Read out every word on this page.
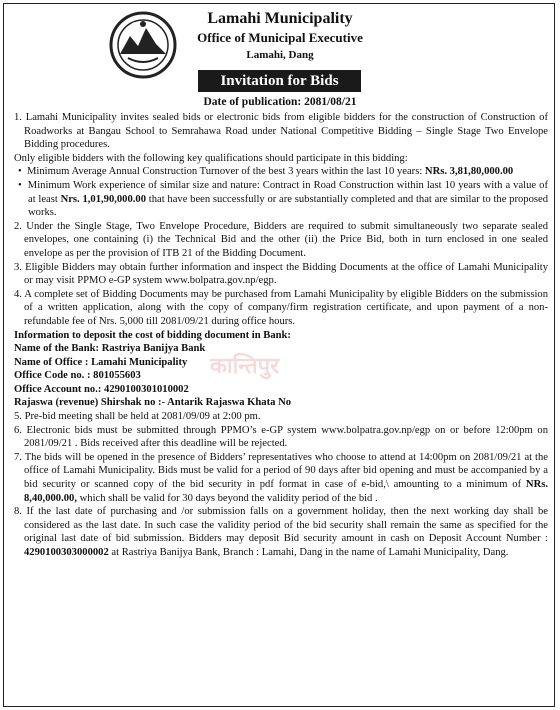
Lamahi Municipality
Office of Municipal Executive
Lamahi, Dang
Invitation for Bids
Date of publication: 2081/08/21
कान्तिपुर

1. Lamahi Municipality invites sealed bids or electronic bids from eligible bidders for the construction of Construction of Roadworks at Bangau School to Semrahawa Road under National Competitive Bidding – Single Stage Two Envelope Bidding procedures.

Only eligible bidders with the following key qualifications should participate in this bidding:

•  Minimum Average Annual Construction Turnover of the best 3 years within the last 10 years: NRs. 3,81,80,000.00

•  Minimum Work experience of similar size and nature: Contract in Road Construction within last 10 years with a value of at least Nrs. 1,01,90,000.00 that have been successfully or are substantially completed and that are similar to the proposed works.

2. Under the Single Stage, Two Envelope Procedure, Bidders are required to submit simultaneously two separate sealed envelopes, one containing (i) the Technical Bid and the other (ii) the Price Bid, both in turn enclosed in one sealed envelope as per the provision of ITB 21 of the Bidding Document.

3. Eligible Bidders may obtain further information and inspect the Bidding Documents at the office of Lamahi Municipality or may visit PPMO e-GP system www.bolpatra.gov.np/egp.

4. A complete set of Bidding Documents may be purchased from Lamahi Municipality by eligible Bidders on the submission of a written application, along with the copy of company/firm registration certificate, and upon payment of a non-refundable fee of Nrs. 5,000 till 2081/09/21 during office hours.

Information to deposit the cost of bidding document in Bank:

Name of the Bank: Rastriya Banijya Bank

Name of Office : Lamahi Municipality

Office Code no. : 801055603

Office Account no.: 4290100301010002

Rajaswa (revenue) Shirshak no :- Antarik Rajaswa Khata No

5. Pre-bid meeting shall be held at 2081/09/09 at 2:00 pm.

6. Electronic bids must be submitted through PPMO’s e-GP system www.bolpatra.gov.np/egp on or before 12:00pm on 2081/09/21 . Bids received after this deadline will be rejected.

7. The bids will be opened in the presence of Bidders’ representatives who choose to attend at 14:00pm on 2081/09/21 at the office of Lamahi Municipality. Bids must be valid for a period of 90 days after bid opening and must be accompanied by a bid security or scanned copy of the bid security in pdf format in case of e-bid,\ amounting to a minimum of NRs. 8,40,000.00, which shall be valid for 30 days beyond the validity period of the bid .

8. If the last date of purchasing and /or submission falls on a government holiday, then the next working day shall be considered as the last date. In such case the validity period of the bid security shall remain the same as specified for the original last date of bid submission. Bidders may deposit Bid security amount in cash on Deposit Account Number : 4290100303000002 at Rastriya Banijya Bank, Branch : Lamahi, Dang in the name of Lamahi Municipality, Dang.
